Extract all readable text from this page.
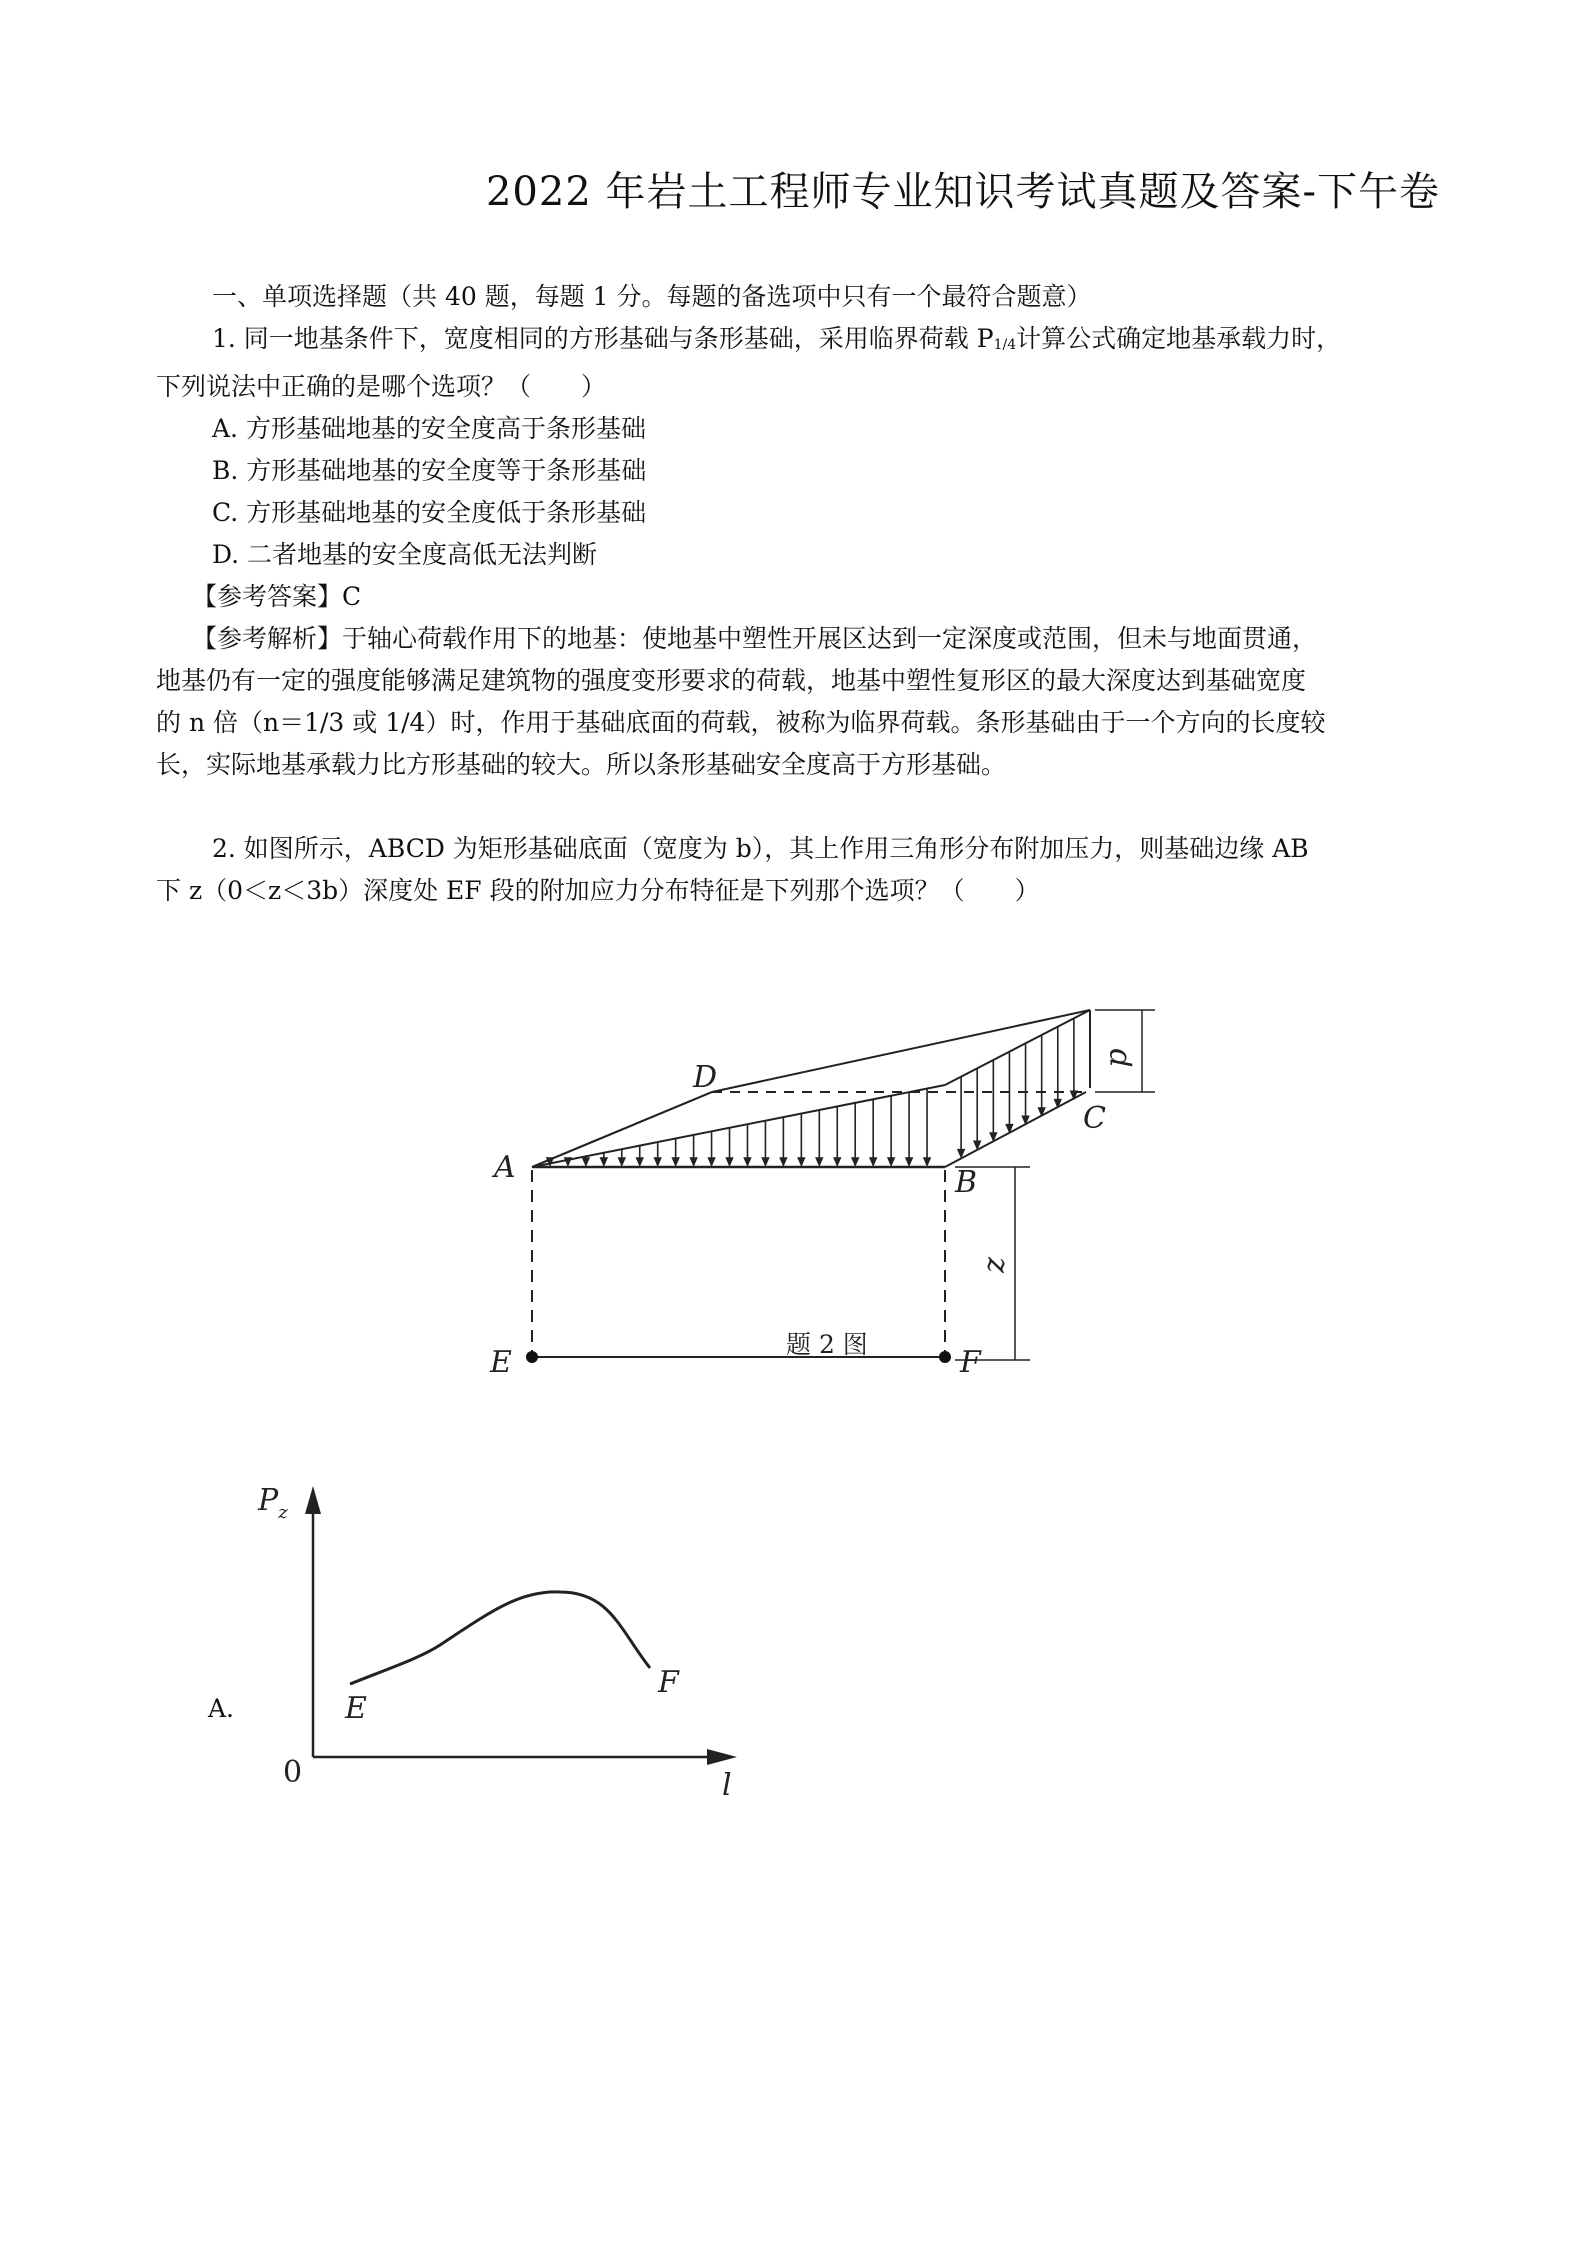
2022 年岩土工程师专业知识考试真题及答案-下午卷

一、单项选择题（共 40 题，每题 1 分。每题的备选项中只有一个最符合题意）

1. 同一地基条件下，宽度相同的方形基础与条形基础，采用临界荷载 $P_{1/4}$计算公式确定地基承载力时，

下列说法中正确的是哪个选项？（　　）

A. 方形基础地基的安全度高于条形基础

B. 方形基础地基的安全度等于条形基础

C. 方形基础地基的安全度低于条形基础

D. 二者地基的安全度高低无法判断

【参考答案】C

【参考解析】于轴心荷载作用下的地基：使地基中塑性开展区达到一定深度或范围，但未与地面贯通，

地基仍有一定的强度能够满足建筑物的强度变形要求的荷载，地基中塑性复形区的最大深度达到基础宽度

的 n 倍（n＝1/3 或 1/4）时，作用于基础底面的荷载，被称为临界荷载。条形基础由于一个方向的长度较

长，实际地基承载力比方形基础的较大。所以条形基础安全度高于方形基础。

2. 如图所示，ABCD 为矩形基础底面（宽度为 b），其上作用三角形分布附加压力，则基础边缘 AB

下 z（0＜z＜3b）深度处 EF 段的附加应力分布特征是下列那个选项？（　　）

p
z
A	B
C
D
E	F
题 2 图
A.
$P_z$
l
0
E
F
